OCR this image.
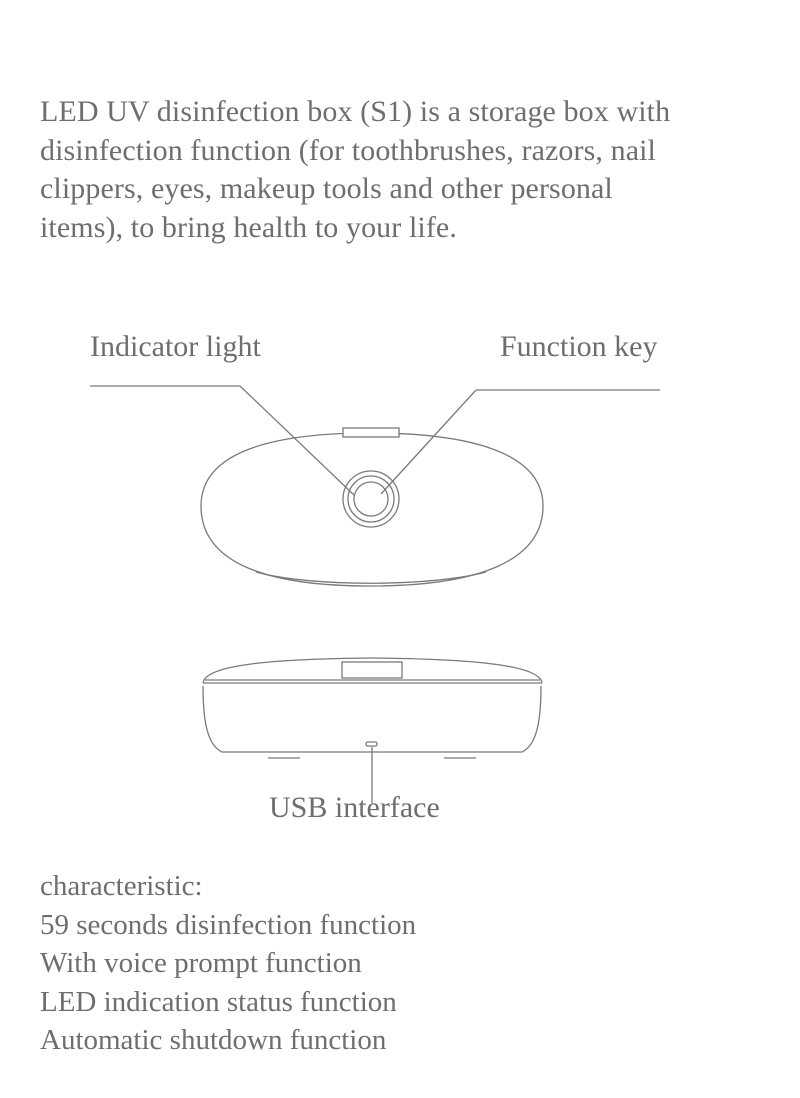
LED UV disinfection box (S1) is a storage box with
disinfection function (for toothbrushes, razors, nail
clippers, eyes, makeup tools and other personal
items), to bring health to your life.
Indicator light	Function key
USB interface
characteristic:
59 seconds disinfection function
With voice prompt function
LED indication status function
Automatic shutdown function
